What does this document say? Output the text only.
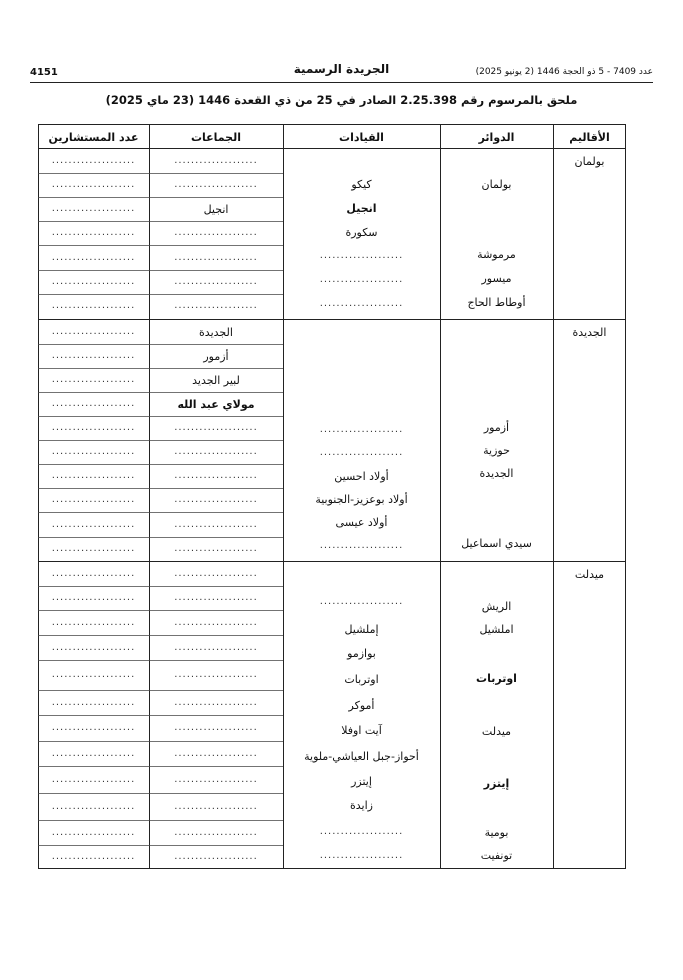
عدد 7409 - 5 ذو الحجة 1446 (2 يونيو 2025)
الجريدة الرسمية
4151
ملحق بالمرسوم رقم 2.25.398 الصادر في 25 من ذي القعدة 1446 (23 ماي 2025)
الأقاليم
الدوائر
القيادات
الجماعات
عدد المستشارين
بولمان
بولمان
مرموشة
ميسور
أوطاط الحاج
كيكو
انجيل
سكورة
....................
....................
....................
....................
....................
انجيل
....................
....................
....................
....................
....................
....................
....................
....................
....................
....................
....................
الجديدة
أزمور
حوزية
الجديدة
سيدي اسماعيل
....................
....................
أولاد احسين
أولاد بوعزيز-الجنوبية
أولاد عيسى
....................
الجديدة
أزمور
لبير الجديد
مولاي عبد الله
....................
....................
....................
....................
....................
....................
....................
....................
....................
....................
....................
....................
....................
....................
....................
....................
ميدلت
الريش
املشيل
اوتربات
ميدلت
إيتزر
بومية
تونفيت
....................
إملشيل
بوازمو
اوتربات
أموكر
آيت اوفلا
أحواز-جبل العياشي-ملوية
إيتزر
زايدة
....................
....................
....................
....................
....................
....................
....................
....................
....................
....................
....................
....................
....................
....................
....................
....................
....................
....................
....................
....................
....................
....................
....................
....................
....................
....................
